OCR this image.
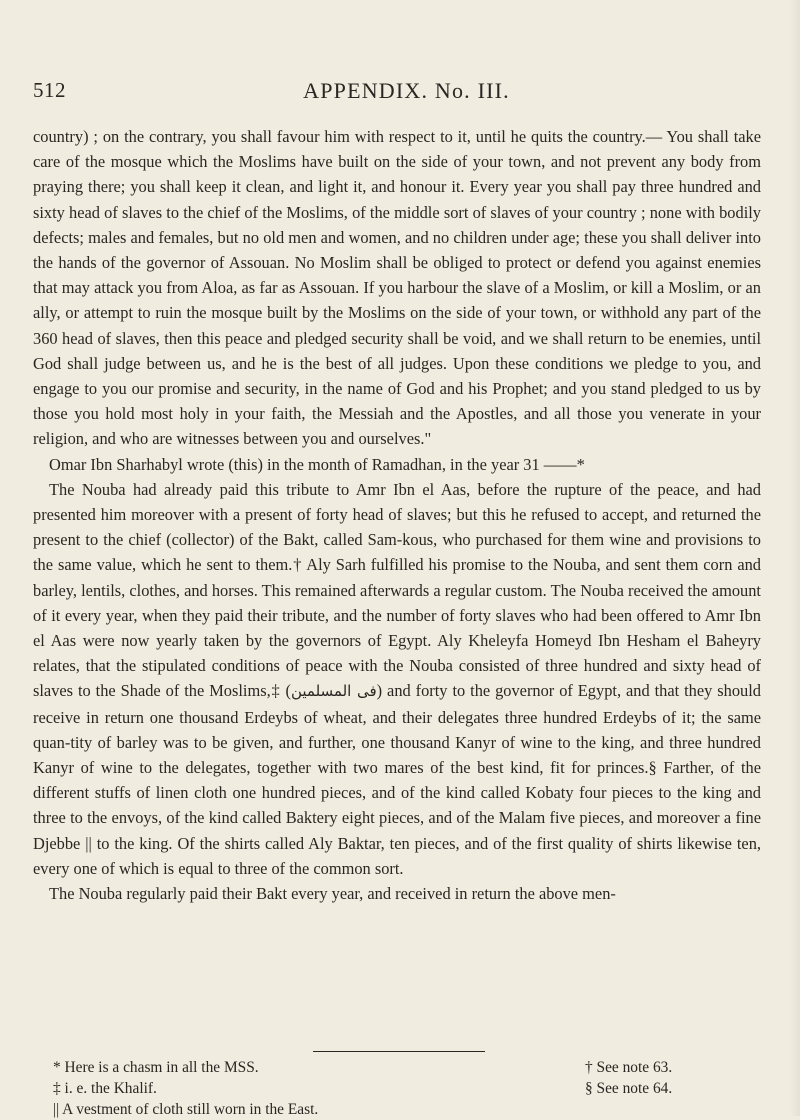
512	APPENDIX. No. III.

country) ; on the contrary, you shall favour him with respect to it, until he quits the country.— You shall take care of the mosque which the Moslims have built on the side of your town, and not prevent any body from praying there; you shall keep it clean, and light it, and honour it. Every year you shall pay three hundred and sixty head of slaves to the chief of the Moslims, of the middle sort of slaves of your country ; none with bodily defects; males and females, but no old men and women, and no children under age; these you shall deliver into the hands of the governor of Assouan. No Moslim shall be obliged to protect or defend you against enemies that may attack you from Aloa, as far as Assouan. If you harbour the slave of a Moslim, or kill a Moslim, or an ally, or attempt to ruin the mosque built by the Moslims on the side of your town, or withhold any part of the 360 head of slaves, then this peace and pledged security shall be void, and we shall return to be enemies, until God shall judge between us, and he is the best of all judges. Upon these conditions we pledge to you, and engage to you our promise and security, in the name of God and his Prophet; and you stand pledged to us by those you hold most holy in your faith, the Messiah and the Apostles, and all those you venerate in your religion, and who are witnesses between you and ourselves."

Omar Ibn Sharhabyl wrote (this) in the month of Ramadhan, in the year 31 ——*

The Nouba had already paid this tribute to Amr Ibn el Aas, before the rupture of the peace, and had presented him moreover with a present of forty head of slaves; but this he refused to accept, and returned the present to the chief (collector) of the Bakt, called Sam-kous, who purchased for them wine and provisions to the same value, which he sent to them.† Aly Sarh fulfilled his promise to the Nouba, and sent them corn and barley, lentils, clothes, and horses. This remained afterwards a regular custom. The Nouba received the amount of it every year, when they paid their tribute, and the number of forty slaves who had been offered to Amr Ibn el Aas were now yearly taken by the governors of Egypt. Aly Kheleyfa Homeyd Ibn Hesham el Baheyry relates, that the stipulated conditions of peace with the Nouba consisted of three hundred and sixty head of slaves to the Shade of the Moslims,‡ (فى المسلمين) and forty to the governor of Egypt, and that they should receive in return one thousand Erdeybs of wheat, and their delegates three hundred Erdeybs of it; the same quan-tity of barley was to be given, and further, one thousand Kanyr of wine to the king, and three hundred Kanyr of wine to the delegates, together with two mares of the best kind, fit for princes.§ Farther, of the different stuffs of linen cloth one hundred pieces, and of the kind called Kobaty four pieces to the king and three to the envoys, of the kind called Baktery eight pieces, and of the Malam five pieces, and moreover a fine Djebbe || to the king. Of the shirts called Aly Baktar, ten pieces, and of the first quality of shirts likewise ten, every one of which is equal to three of the common sort.

The Nouba regularly paid their Bakt every year, and received in return the above men-

* Here is a chasm in all the MSS.	† See note 63.
‡ i. e. the Khalif.	§ See note 64.
|| A vestment of cloth still worn in the East.
